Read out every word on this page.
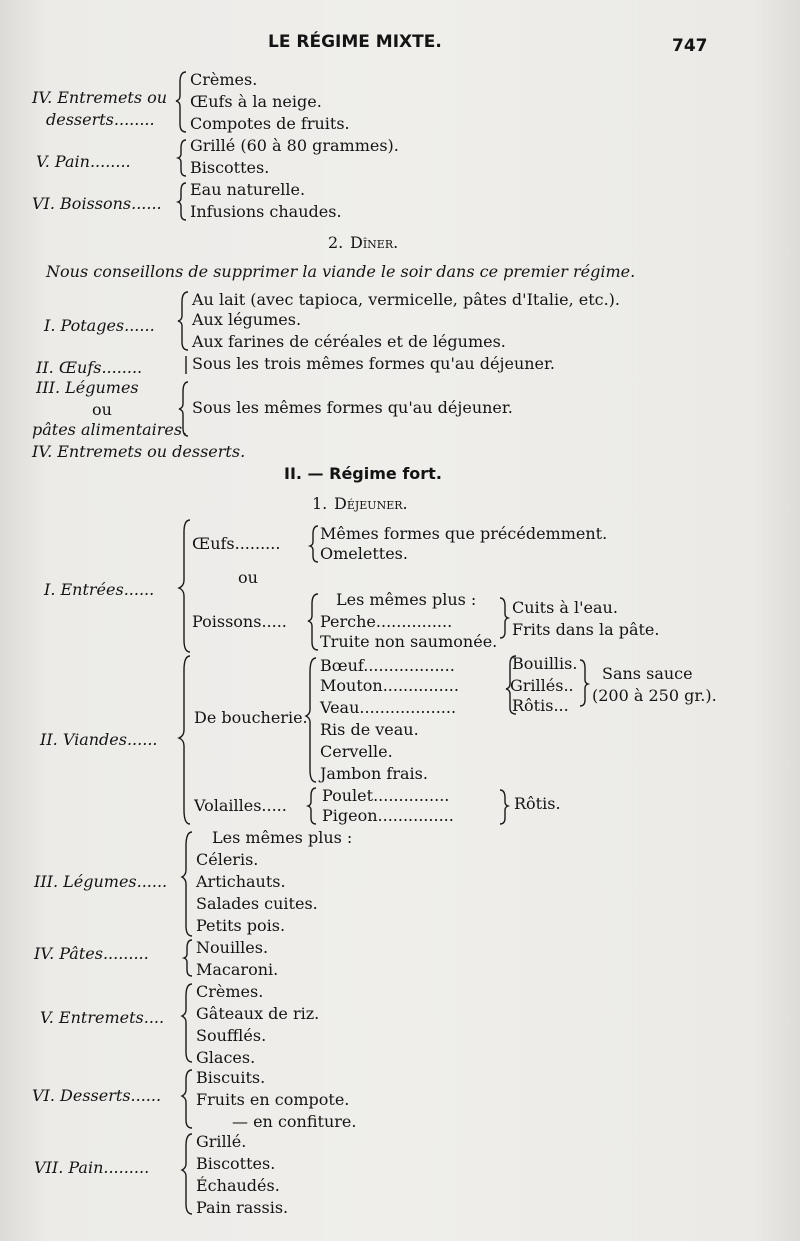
LE RÉGIME MIXTE.	747
IV. Entremets ou
desserts........
Crèmes.
Œufs à la neige.
Compotes de fruits.
V. Pain........
Grillé (60 à 80 grammes).
Biscottes.
VI. Boissons......
Eau naturelle.
Infusions chaudes.
2. Dîner.
Nous conseillons de supprimer la viande le soir dans ce premier régime.
I. Potages......
Au lait (avec tapioca, vermicelle, pâtes d'Italie, etc.).
Aux légumes.
Aux farines de céréales et de légumes.
II. Œufs........	Sous les trois mêmes formes qu'au déjeuner.
III. Légumes
ou
pâtes alimentaires.
Sous les mêmes formes qu'au déjeuner.
IV. Entremets ou desserts.
II. — Régime fort.
1. Déjeuner.
I. Entrées......
Œufs.........
Mêmes formes que précédemment.
Omelettes.
ou
Poissons.....
Les mêmes plus :
Perche...............
Truite non saumonée.
Cuits à l'eau.
Frits dans la pâte.
II. Viandes......
De boucherie.
Bœuf..................
Mouton...............
Veau...................
Ris de veau.
Cervelle.
Jambon frais.
Bouillis.
Grillés..
Rôtis...
Sans sauce
(200 à 250 gr.).
Volailles.....
Poulet...............
Pigeon...............
Rôtis.
III. Légumes......
Les mêmes plus :
Céleris.
Artichauts.
Salades cuites.
Petits pois.
IV. Pâtes.........	Nouilles.
Macaroni.
V. Entremets....
Crèmes.
Gâteaux de riz.
Soufflés.
Glaces.
VI. Desserts......
Biscuits.
Fruits en compote.
— en confiture.
VII. Pain.........
Grillé.
Biscottes.
Échaudés.
Pain rassis.
